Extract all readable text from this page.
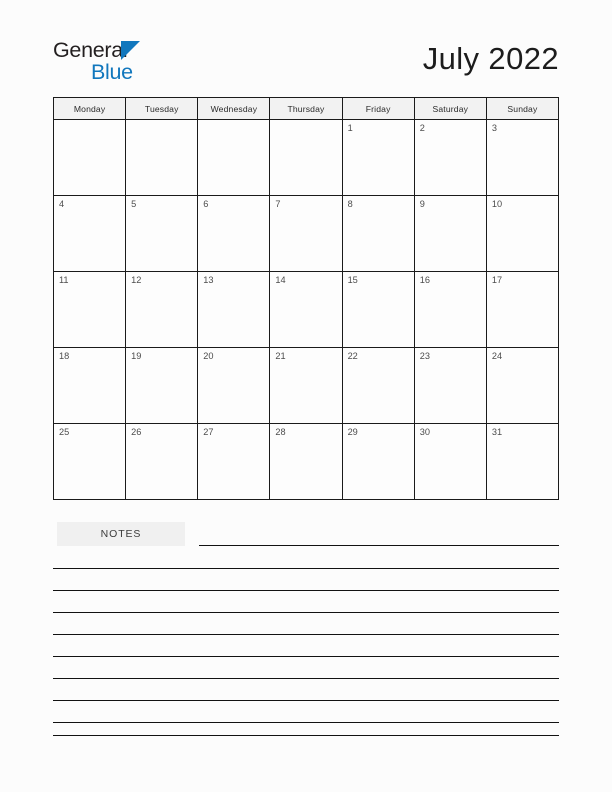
General
Blue	July 2022
Monday	Tuesday	Wednesday	Thursday	Friday	Saturday	Sunday

				1	2	3

4	5	6	7	8	9	10

11	12	13	14	15	16	17

18	19	20	21	22	23	24

25	26	27	28	29	30	31
NOTES
